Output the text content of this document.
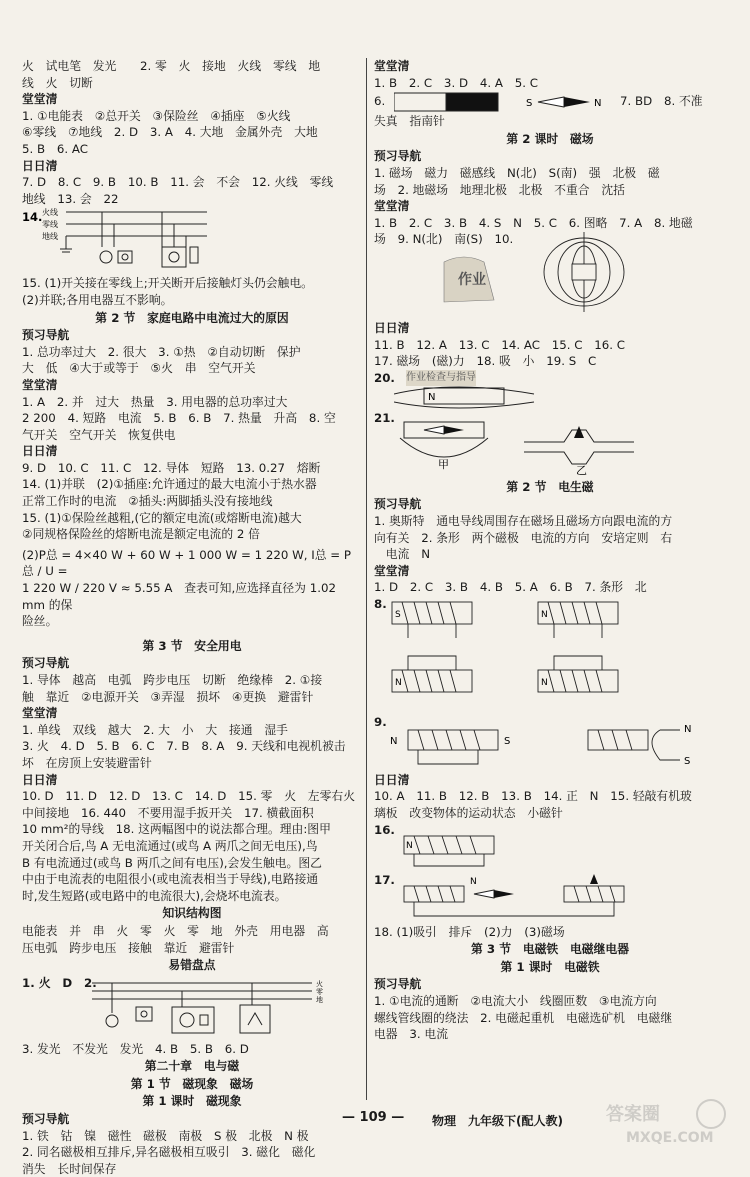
火　试电笔　发光　　2. 零　火　接地　火线　零线　地
线　火　切断
堂堂清
1. ①电能表　②总开关　③保险丝　④插座　⑤火线
⑥零线　⑦地线　2. D　3. A　4. 大地　金属外壳　大地
5. B　6. AC
日日清
7. D　8. C　9. B　10. B　11. 会　不会　12. 火线　零线
地线　13. 会　22
14. 火线
零线
地线
15. (1)开关接在零线上;开关断开后接触灯头仍会触电。
(2)并联;各用电器互不影响。
第 2 节　家庭电路中电流过大的原因
预习导航
1. 总功率过大　2. 很大　3. ①热　②自动切断　保护
大　低　④大于或等于　⑤火　串　空气开关
堂堂清
1. A　2. 并　过大　热量　3. 用电器的总功率过大
2 200　4. 短路　电流　5. B　6. B　7. 热量　升高　8. 空
气开关　空气开关　恢复供电
日日清
9. D　10. C　11. C　12. 导体　短路　13. 0.27　熔断
14. (1)并联　(2)①插座:允许通过的最大电流小于热水器
正常工作时的电流　②插头:两脚插头没有接地线
15. (1)①保险丝越粗,(它的额定电流(或熔断电流)越大
②同规格保险丝的熔断电流是额定电流的 2 倍
(2)P总 = 4×40 W + 60 W + 1 000 W = 1 220 W, I总 = P总 / U =
1 220 W / 220 V ≈ 5.55 A　查表可知,应选择直径为 1.02 mm 的保
险丝。
第 3 节　安全用电
预习导航
1. 导体　越高　电弧　跨步电压　切断　绝缘棒　2. ①接
触　靠近　②电源开关　③弄湿　损坏　④更换　避雷针
堂堂清
1. 单线　双线　越大　2. 大　小　大　接通　湿手
3. 火　4. D　5. B　6. C　7. B　8. A　9. 天线和电视机被击
坏　在房顶上安装避雷针
日日清
10. D　11. D　12. D　13. C　14. D　15. 零　火　左零右火
中间接地　16. 440　不要用湿手扳开关　17. 横截面积
10 mm²的导线　18. 这两幅图中的说法都合理。理由:图甲
开关闭合后,鸟 A 无电流通过(或鸟 A 两爪之间无电压),鸟
B 有电流通过(或鸟 B 两爪之间有电压),会发生触电。图乙
中由于电流表的电阻很小(或电流表相当于导线),电路接通
时,发生短路(或电路中的电流很大),会烧坏电流表。
知识结构图
电能表　并　串　火　零　火　零　地　外壳　用电器　高
压电弧　跨步电压　接触　靠近　避雷针
易错盘点
1. 火　D　2.	火
零
地
3. 发光　不发光　发光　4. B　5. B　6. D
第二十章　电与磁
第 1 节　磁现象　磁场
第 1 课时　磁现象
预习导航
1. 铁　钴　镍　磁性　磁极　南极　S 极　北极　N 极
2. 同名磁极相互排斥,异名磁极相互吸引　3. 磁化　磁化
消失　长时间保存
堂堂清
1. B　2. C　3. D　4. A　5. C
6.	S	N 7. BD　8. 不准
失真　指南针
第 2 课时　磁场
预习导航
1. 磁场　磁力　磁感线　N(北)　S(南)　强　北极　磁
场　2. 地磁场　地理北极　北极　不重合　沈括
堂堂清
1. B　2. C　3. B　4. S　N　5. C　6. 图略　7. A　8. 地磁
场　9. N(北)　南(S)　10.
作业
日日清
11. B　12. A　13. C　14. AC　15. C　16. C
17. 磁场　(磁)力　18. 吸　小　19. S　C
20. 作业检查与指导
N
21.
甲	乙
第 2 节　电生磁
预习导航
1. 奥斯特　通电导线周围存在磁场且磁场方向跟电流的方
向有关　2. 条形　两个磁极　电流的方向　安培定则　右
　电流　N
堂堂清
1. D　2. C　3. B　4. B　5. A　6. B　7. 条形　北
8.
S	N
N	N
9.
N	S
N
S
日日清
10. A　11. B　12. B　13. B　14. 正　N　15. 轻敲有机玻
璃板　改变物体的运动状态　小磁针
16.
N
17.	N
18. (1)吸引　排斥　(2)力　(3)磁场
第 3 节　电磁铁　电磁继电器
第 1 课时　电磁铁
预习导航
1. ①电流的通断　②电流大小　线圈匝数　③电流方向
螺线管线圈的绕法　2. 电磁起重机　电磁选矿机　电磁继
电器　3. 电流
— 109 — 物理　九年级下(配人教) 答案圈
MXQE.COM
